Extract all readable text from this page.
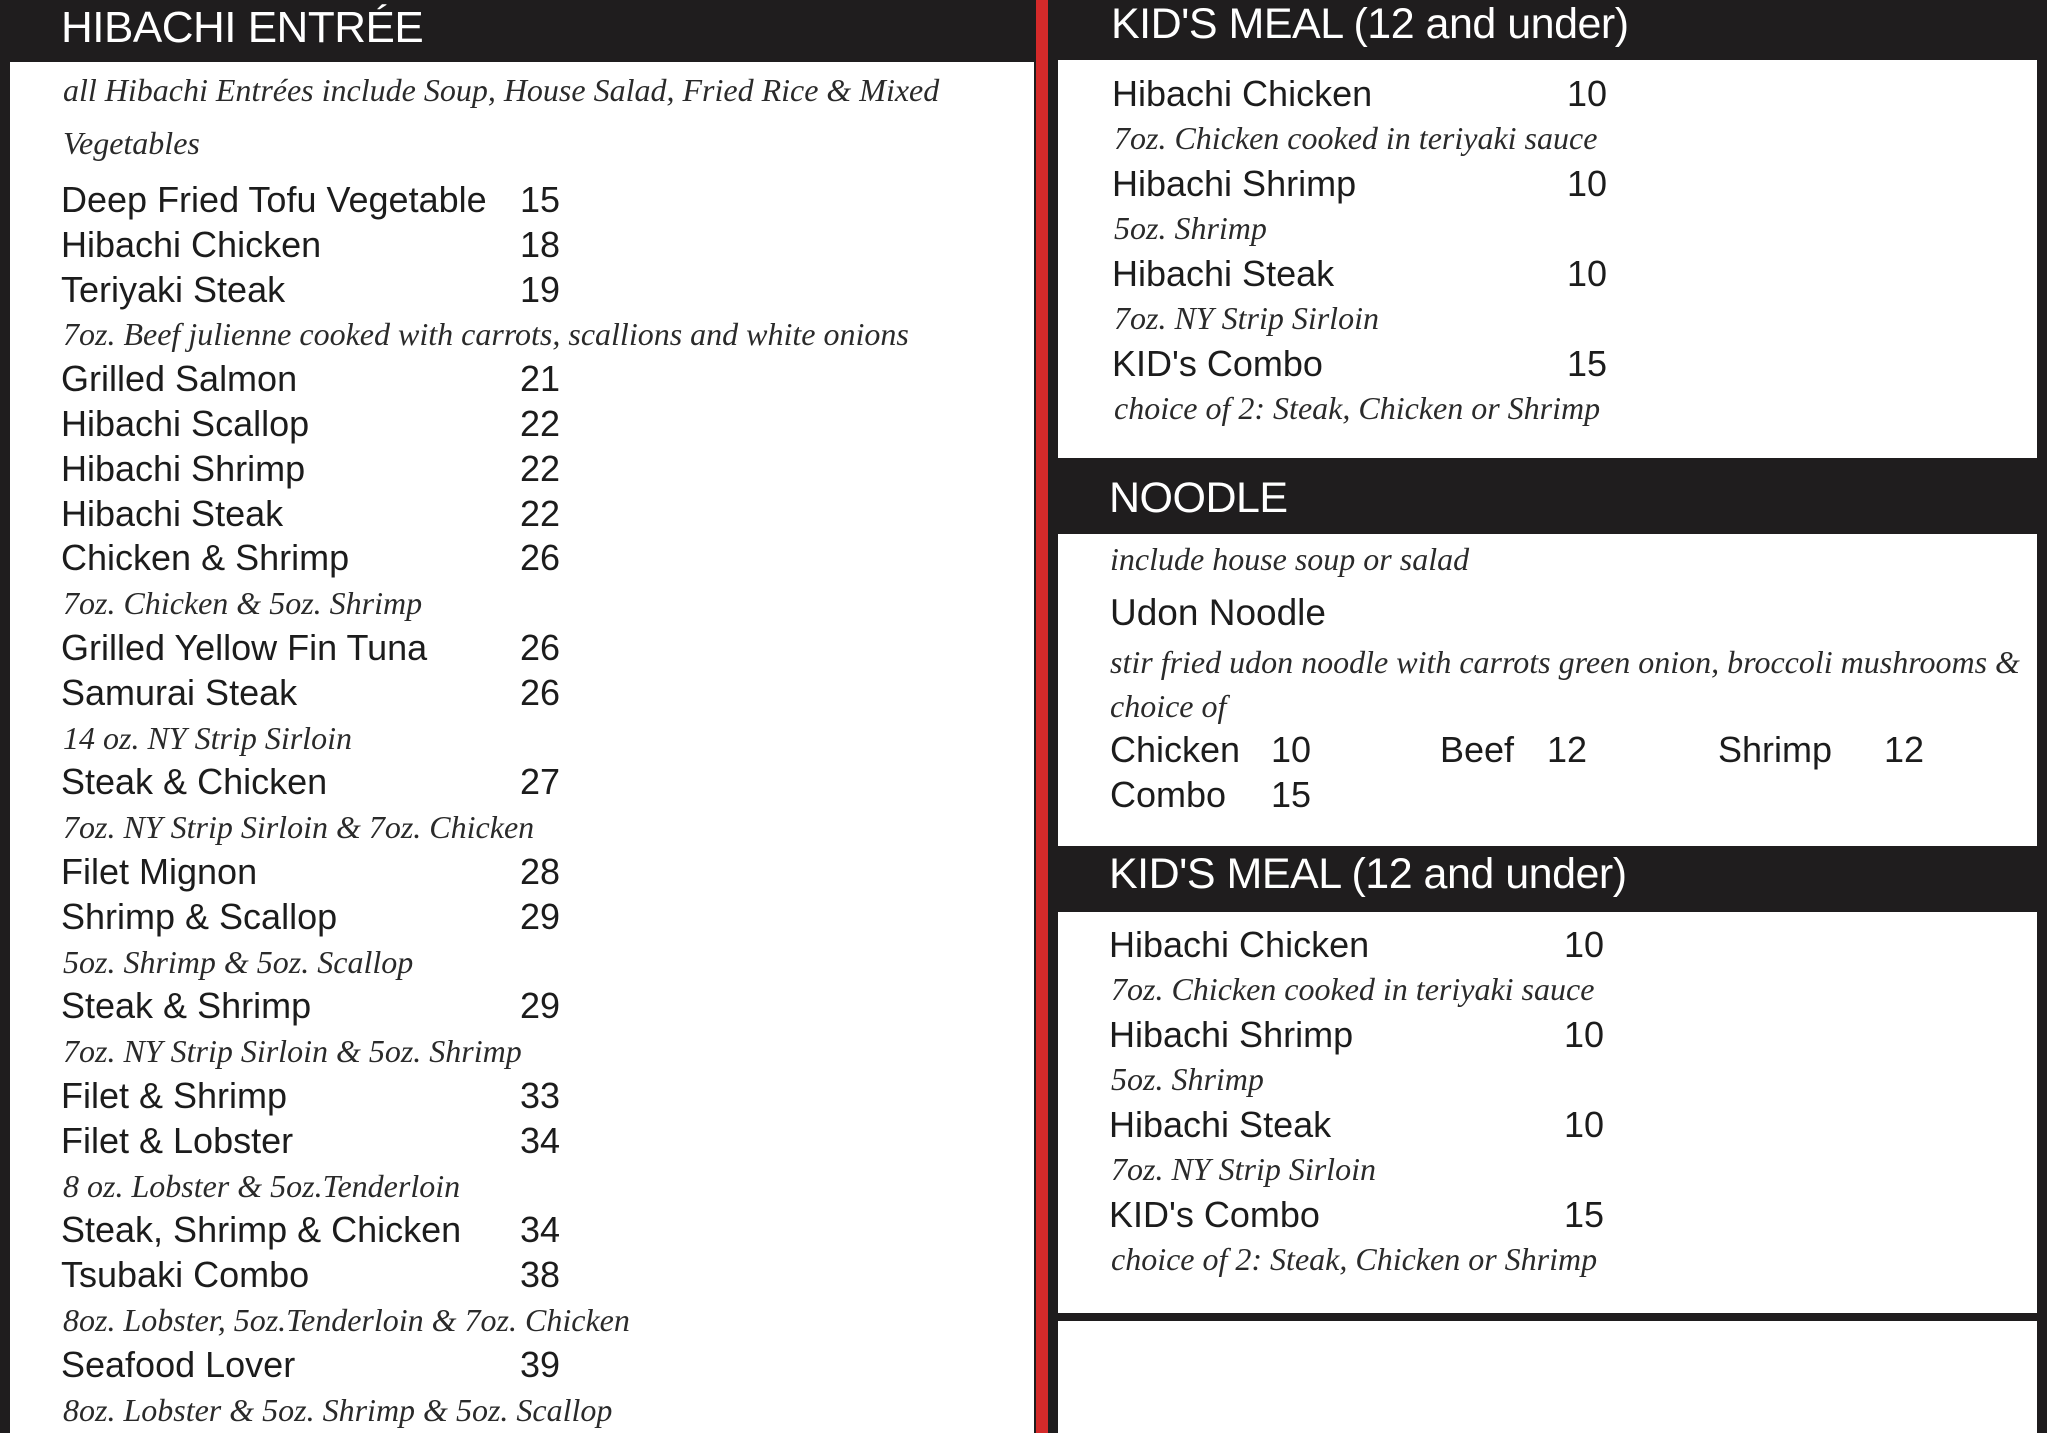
HIBACHI ENTRÉE
all Hibachi Entrées include Soup, House Salad, Fried Rice & Mixed Vegetables
Deep Fried Tofu Vegetable 15
Hibachi Chicken	18
Teriyaki Steak	19
7oz. Beef julienne cooked with carrots, scallions and white onions
Grilled Salmon	21
Hibachi Scallop	22
Hibachi Shrimp	22
Hibachi Steak	22
Chicken & Shrimp	26
7oz. Chicken & 5oz. Shrimp
Grilled Yellow Fin Tuna	26
Samurai Steak	26
14 oz. NY Strip Sirloin
Steak & Chicken	27
7oz. NY Strip Sirloin & 7oz. Chicken
Filet Mignon	28
Shrimp & Scallop	29
5oz. Shrimp & 5oz. Scallop
Steak & Shrimp	29
7oz. NY Strip Sirloin & 5oz. Shrimp
Filet & Shrimp	33
Filet & Lobster	34
8 oz. Lobster & 5oz.Tenderloin
Steak, Shrimp & Chicken 34
Tsubaki Combo	38
8oz. Lobster, 5oz.Tenderloin & 7oz. Chicken
Seafood Lover	39
8oz. Lobster & 5oz. Shrimp & 5oz. Scallop
KID'S MEAL (12 and under)
Hibachi Chicken	10
7oz. Chicken cooked in teriyaki sauce
Hibachi Shrimp	10
5oz. Shrimp
Hibachi Steak	10
7oz. NY Strip Sirloin
KID's Combo	15
choice of 2: Steak, Chicken or Shrimp
NOODLE
include house soup or salad
Udon Noodle
stir fried udon noodle with carrots green onion, broccoli mushrooms & choice of
Chicken 10	Beef 12	Shrimp 12
Combo 15
KID'S MEAL (12 and under)
Hibachi Chicken	10
7oz. Chicken cooked in teriyaki sauce
Hibachi Shrimp	10
5oz. Shrimp
Hibachi Steak	10
7oz. NY Strip Sirloin
KID's Combo	15
choice of 2: Steak, Chicken or Shrimp
